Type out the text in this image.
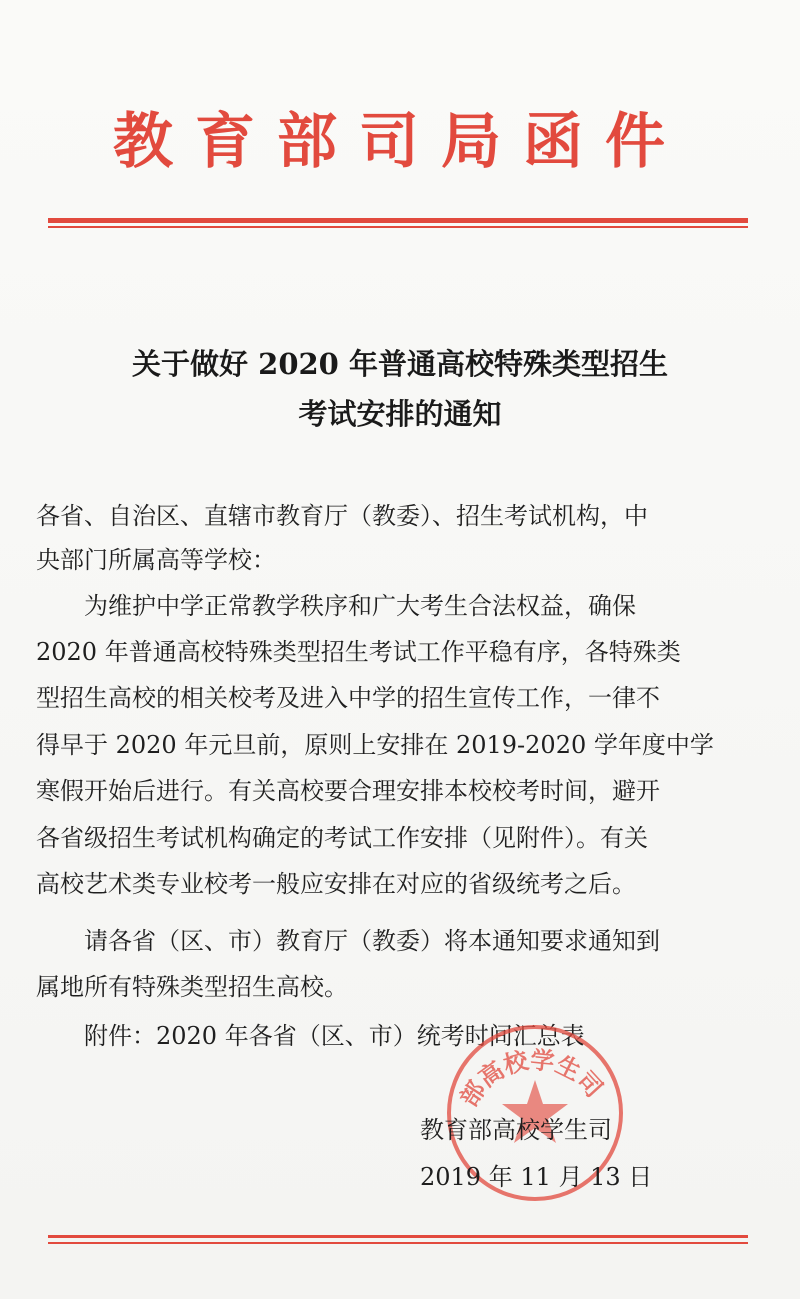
教育部司局函件
关于做好 2020 年普通高校特殊类型招生
考试安排的通知
各省、自治区、直辖市教育厅（教委）、招生考试机构，中
央部门所属高等学校：
　　为维护中学正常教学秩序和广大考生合法权益，确保
2020 年普通高校特殊类型招生考试工作平稳有序，各特殊类
型招生高校的相关校考及进入中学的招生宣传工作，一律不
得早于 2020 年元旦前，原则上安排在 2019-2020 学年度中学
寒假开始后进行。有关高校要合理安排本校校考时间，避开
各省级招生考试机构确定的考试工作安排（见附件）。有关
高校艺术类专业校考一般应安排在对应的省级统考之后。
　　请各省（区、市）教育厅（教委）将本通知要求通知到
属地所有特殊类型招生高校。
　　附件：2020 年各省（区、市）统考时间汇总表
部高校学生司
教育部高校学生司
2019 年 11 月 13 日
